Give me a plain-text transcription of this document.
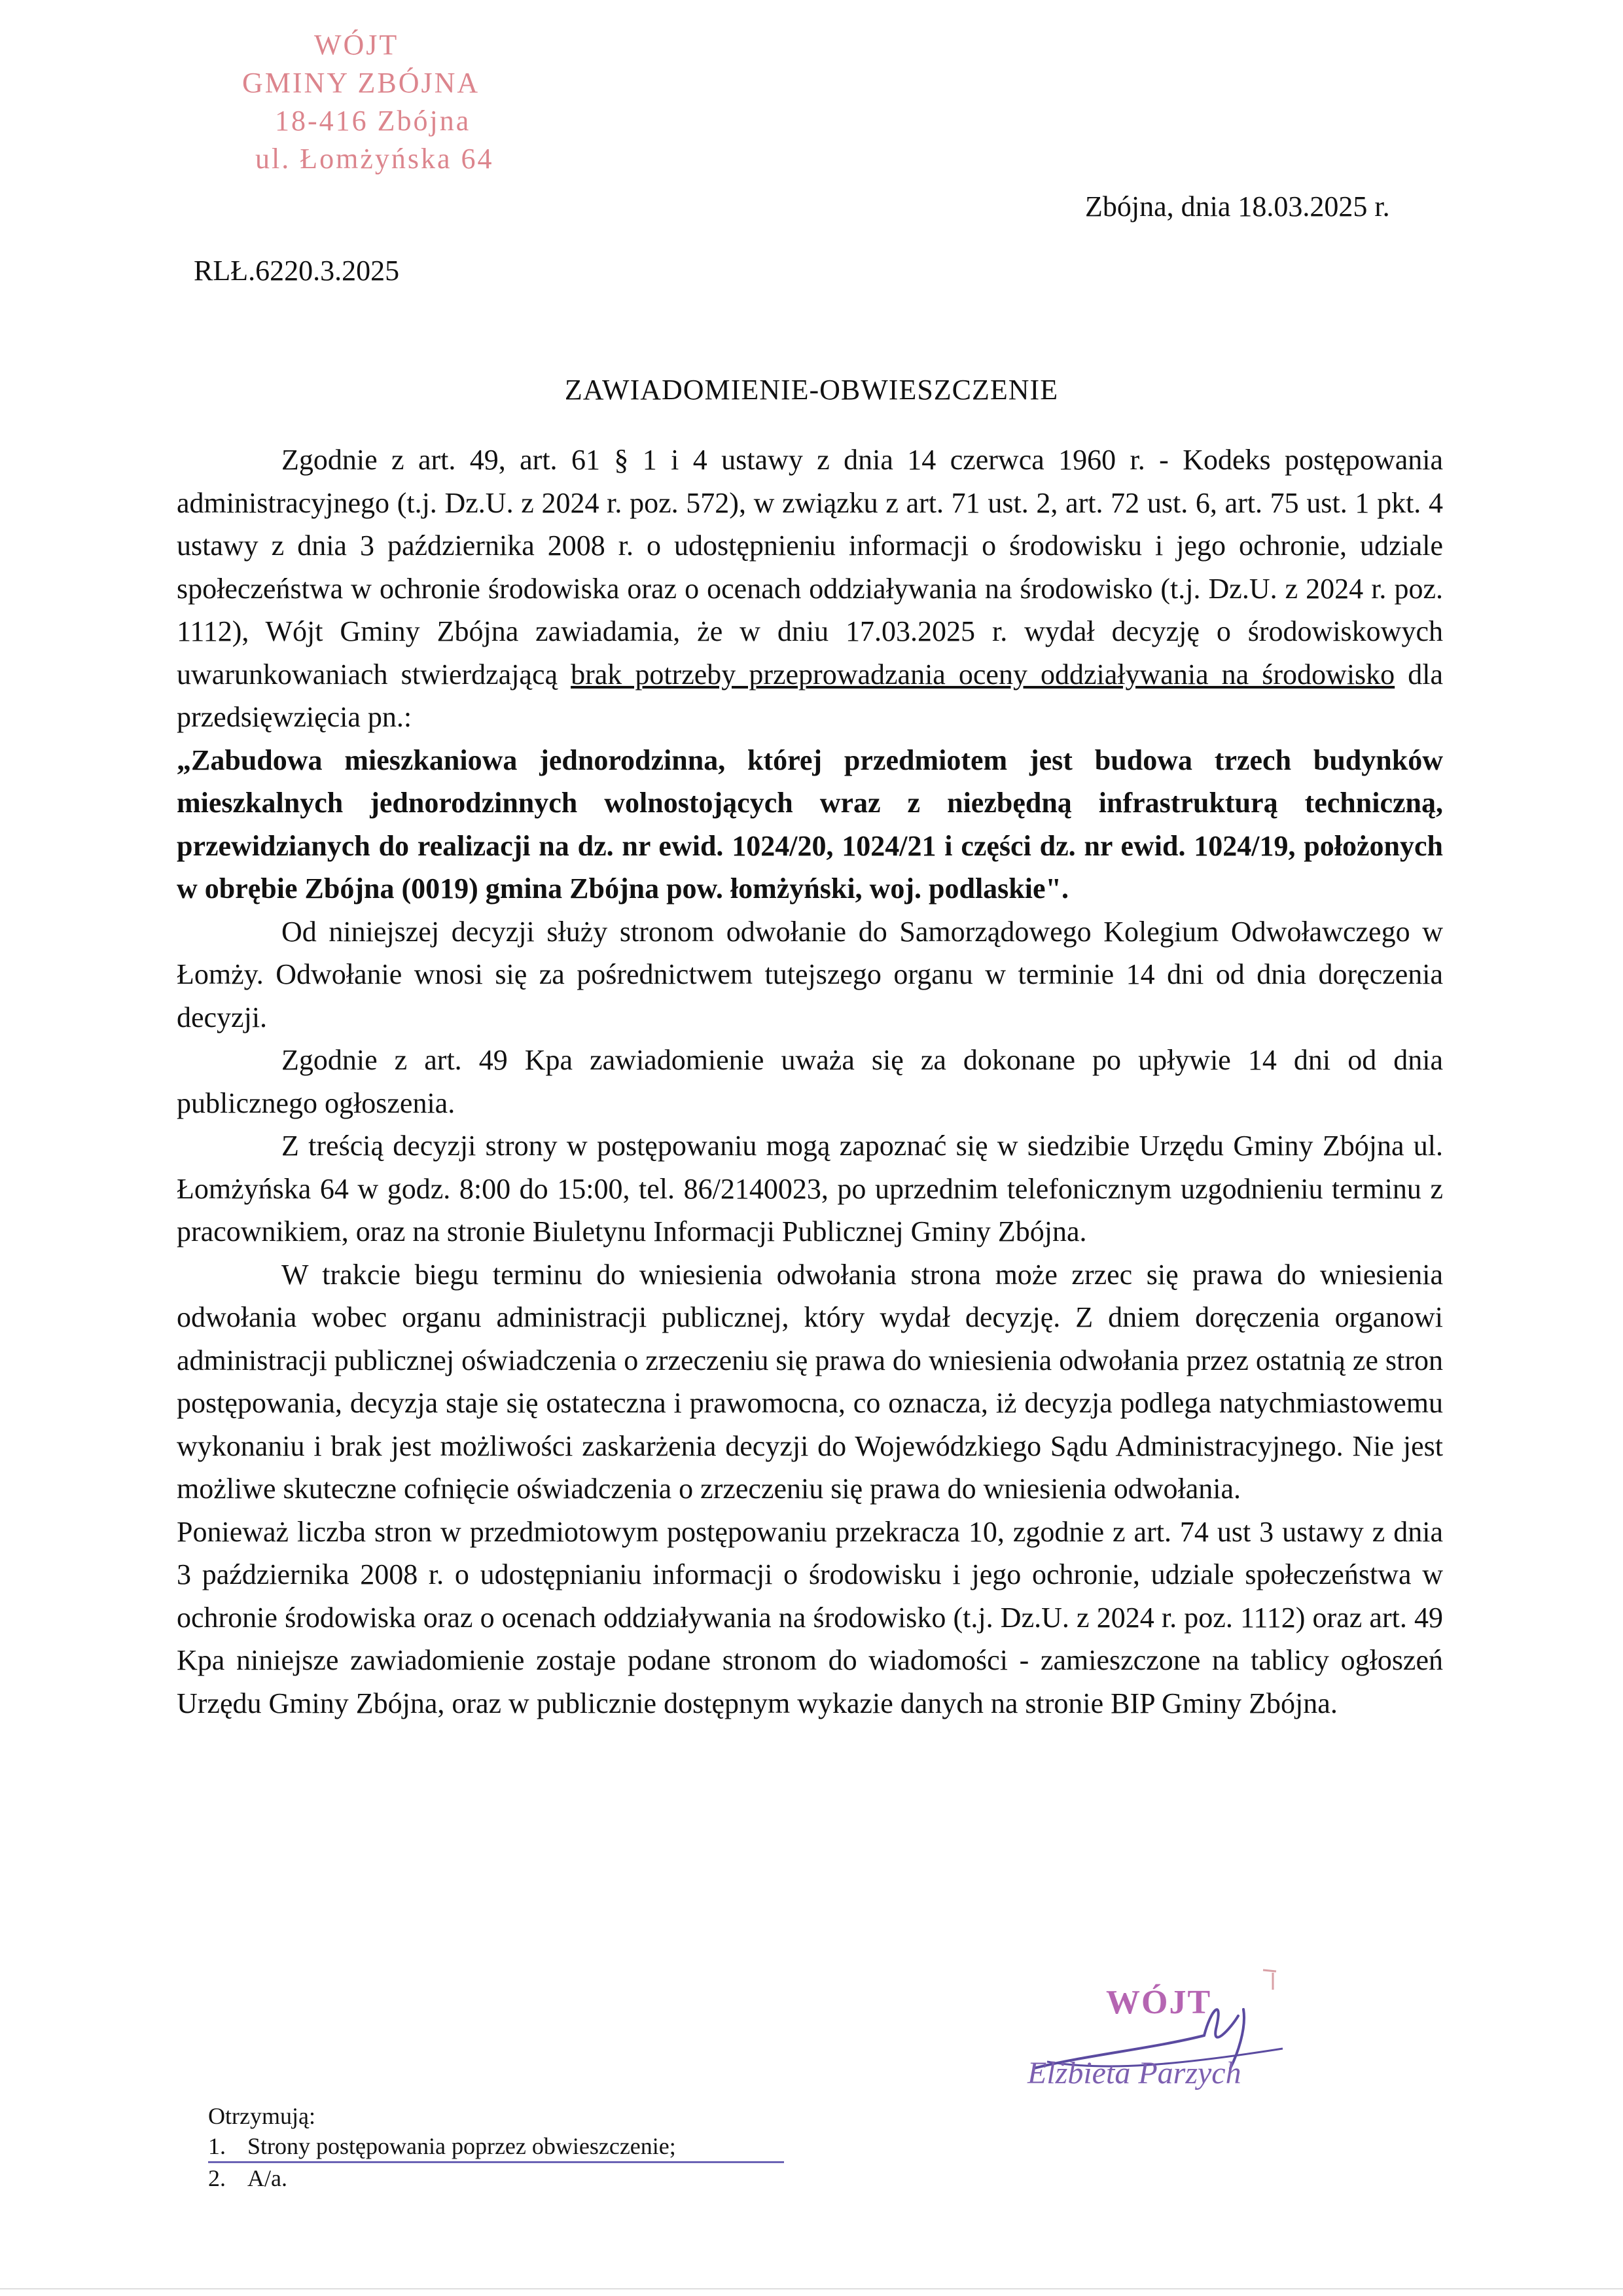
WÓJT
GMINY ZBÓJNA
18-416 Zbójna
ul. Łomżyńska 64
Zbójna, dnia 18.03.2025 r.
RLŁ.6220.3.2025
ZAWIADOMIENIE-OBWIESZCZENIE

Zgodnie z art. 49, art. 61 § 1 i 4 ustawy z dnia 14 czerwca 1960 r. - Kodeks postępowania administracyjnego (t.j. Dz.U. z 2024 r. poz. 572), w związku z art. 71 ust. 2, art. 72 ust. 6, art. 75 ust. 1 pkt. 4 ustawy z dnia 3 października 2008 r. o udostępnieniu informacji o środowisku i jego ochronie, udziale społeczeństwa w ochronie środowiska oraz o ocenach oddziaływania na środowisko (t.j. Dz.U. z 2024 r. poz. 1112), Wójt Gminy Zbójna zawiadamia, że w dniu 17.03.2025 r. wydał decyzję o środowiskowych uwarunkowaniach stwierdzającą brak potrzeby przeprowadzania oceny oddziaływania na środowisko dla przedsięwzięcia pn.:

„Zabudowa mieszkaniowa jednorodzinna, której przedmiotem jest budowa trzech budynków mieszkalnych jednorodzinnych wolnostojących wraz z niezbędną infrastrukturą techniczną, przewidzianych do realizacji na dz. nr ewid. 1024/20, 1024/21 i części dz. nr ewid. 1024/19, położonych w obrębie Zbójna (0019) gmina Zbójna pow. łomżyński, woj. podlaskie".

Od niniejszej decyzji służy stronom odwołanie do Samorządowego Kolegium Odwoławczego w Łomży. Odwołanie wnosi się za pośrednictwem tutejszego organu w terminie 14 dni od dnia doręczenia decyzji.

Zgodnie z art. 49 Kpa zawiadomienie uważa się za dokonane po upływie 14 dni od dnia publicznego ogłoszenia.

Z treścią decyzji strony w postępowaniu mogą zapoznać się w siedzibie Urzędu Gminy Zbójna ul. Łomżyńska 64 w godz. 8:00 do 15:00, tel. 86/2140023, po uprzednim telefonicznym uzgodnieniu terminu z pracownikiem, oraz na stronie Biuletynu Informacji Publicznej Gminy Zbójna.

W trakcie biegu terminu do wniesienia odwołania strona może zrzec się prawa do wniesienia odwołania wobec organu administracji publicznej, który wydał decyzję. Z dniem doręczenia organowi administracji publicznej oświadczenia o zrzeczeniu się prawa do wniesienia odwołania przez ostatnią ze stron postępowania, decyzja staje się ostateczna i prawomocna, co oznacza, iż decyzja podlega natychmiastowemu wykonaniu i brak jest możliwości zaskarżenia decyzji do Wojewódzkiego Sądu Administracyjnego. Nie jest możliwe skuteczne cofnięcie oświadczenia o zrzeczeniu się prawa do wniesienia odwołania.

Ponieważ liczba stron w przedmiotowym postępowaniu przekracza 10, zgodnie z art. 74 ust 3 ustawy z dnia 3 października 2008 r. o udostępnianiu informacji o środowisku i jego ochronie, udziale społeczeństwa w ochronie środowiska oraz o ocenach oddziaływania na środowisko (t.j. Dz.U. z 2024 r. poz. 1112) oraz art. 49 Kpa niniejsze zawiadomienie zostaje podane stronom do wiadomości - zamieszczone na tablicy ogłoszeń Urzędu Gminy Zbójna, oraz w publicznie dostępnym wykazie danych na stronie BIP Gminy Zbójna.

WÓJT
Elżbieta Parzych
Otrzymują:
1. Strony postępowania poprzez obwieszczenie;
2. A/a.
